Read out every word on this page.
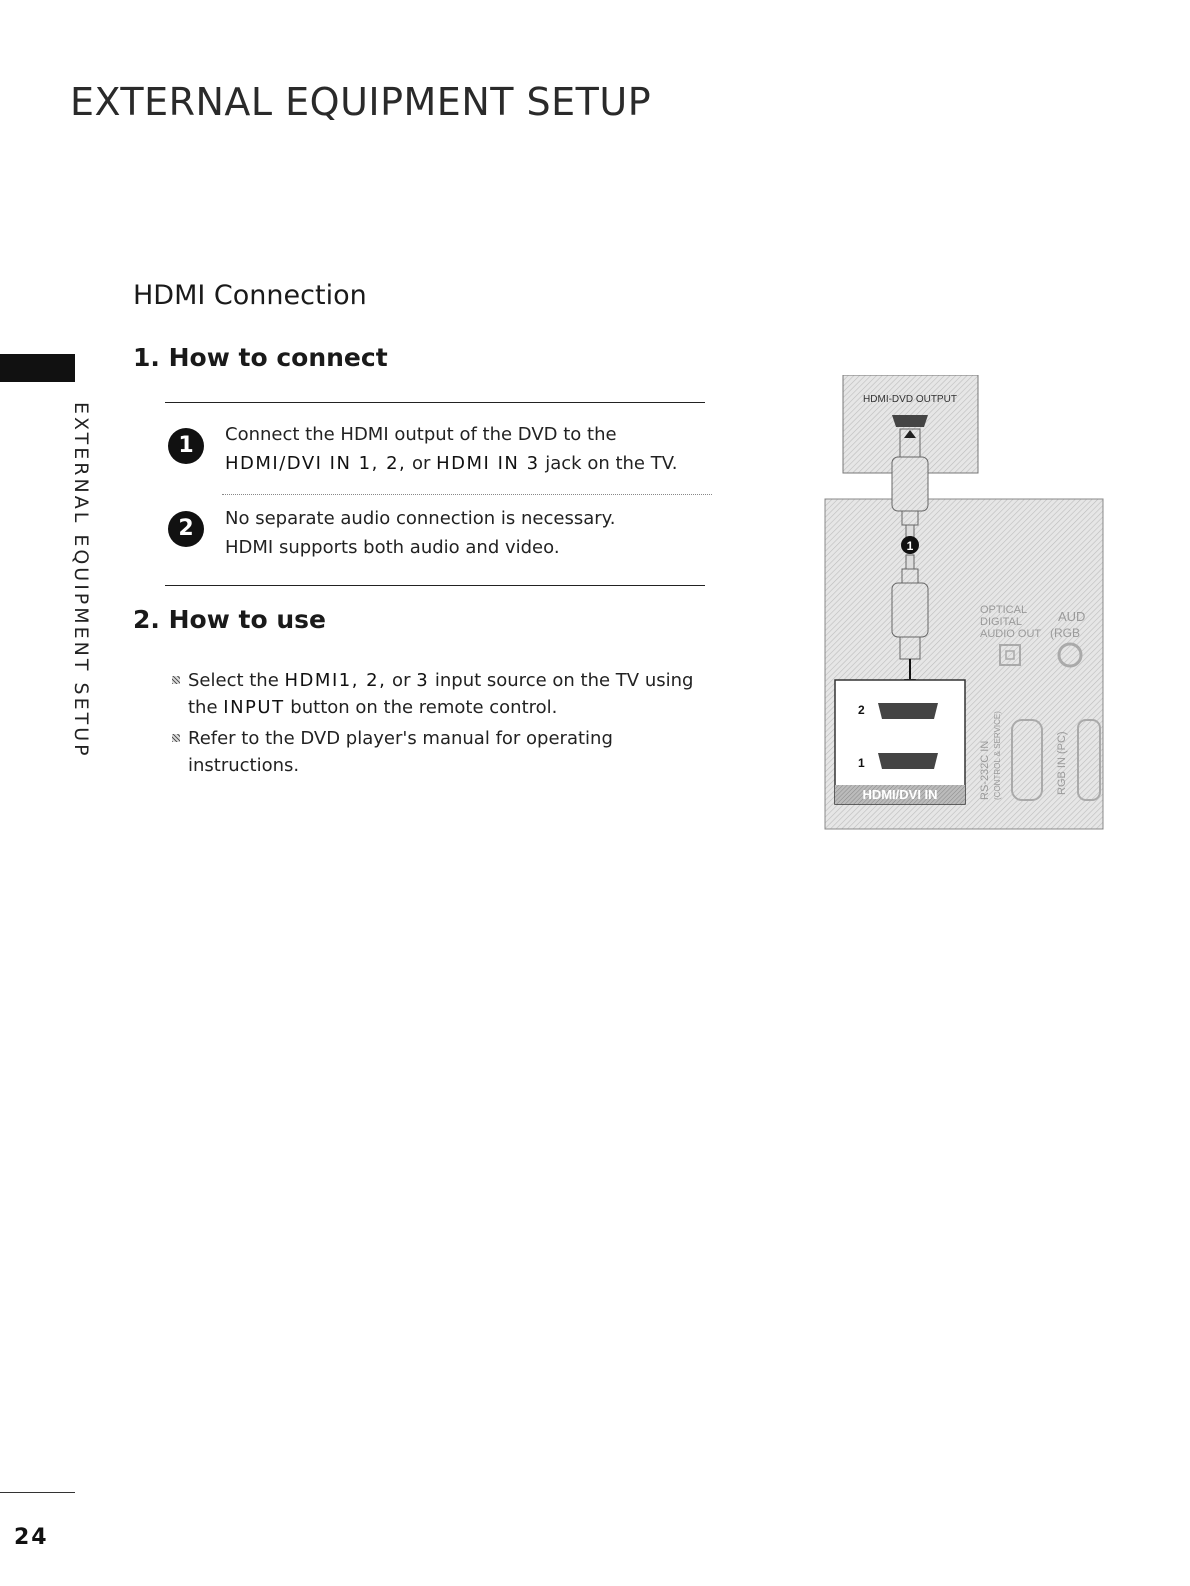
EXTERNAL EQUIPMENT SETUP
EXTERNAL EQUIPMENT SETUP
HDMI Connection
1. How to connect
1	Connect the HDMI output of the DVD to the
HDMI/DVI IN 1, 2, or HDMI IN 3 jack on the TV.
2	No separate audio connection is necessary.
HDMI supports both audio and video.
2. How to use
Select the HDMI1, 2, or 3 input source on the TV using
the INPUT button on the remote control.
Refer to the DVD player's manual for operating instructions.
HDMI-DVD OUTPUT
1
2
1
HDMI/DVI IN
OPTICAL
DIGITAL
AUDIO OUT
AUD
(RGB
RS-232C IN (CONTROL & SERVICE)	RGB IN (PC)
24
